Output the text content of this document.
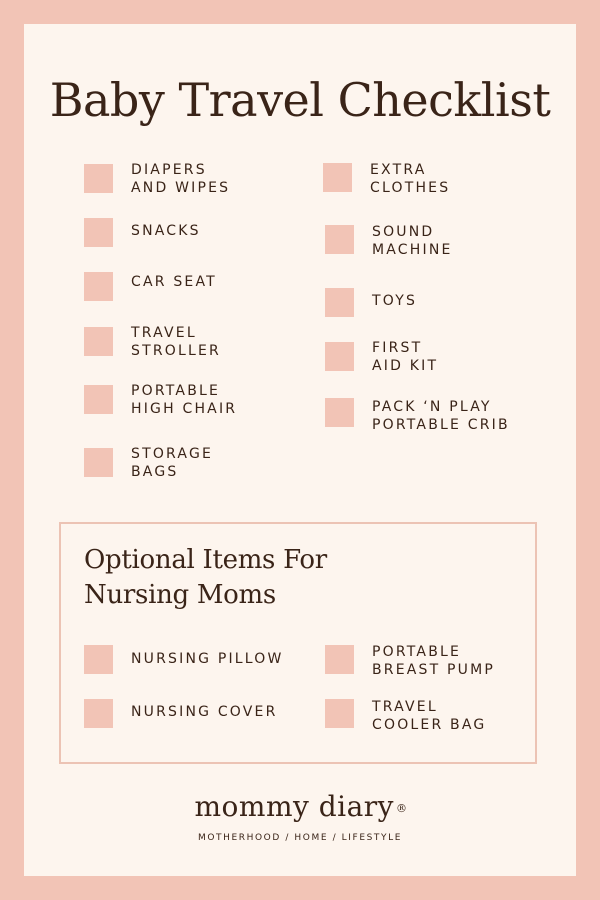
Baby Travel Checklist
DIAPERS
AND WIPES
SNACKS
CAR SEAT
TRAVEL
STROLLER
PORTABLE
HIGH CHAIR
STORAGE
BAGS
EXTRA
CLOTHES
SOUND
MACHINE
TOYS
FIRST
AID KIT
PACK ‘N PLAY
PORTABLE CRIB
Optional Items For
Nursing Moms
NURSING PILLOW
NURSING COVER
PORTABLE
BREAST PUMP
TRAVEL
COOLER BAG
mommy diary ®
MOTHERHOOD / HOME / LIFESTYLE
